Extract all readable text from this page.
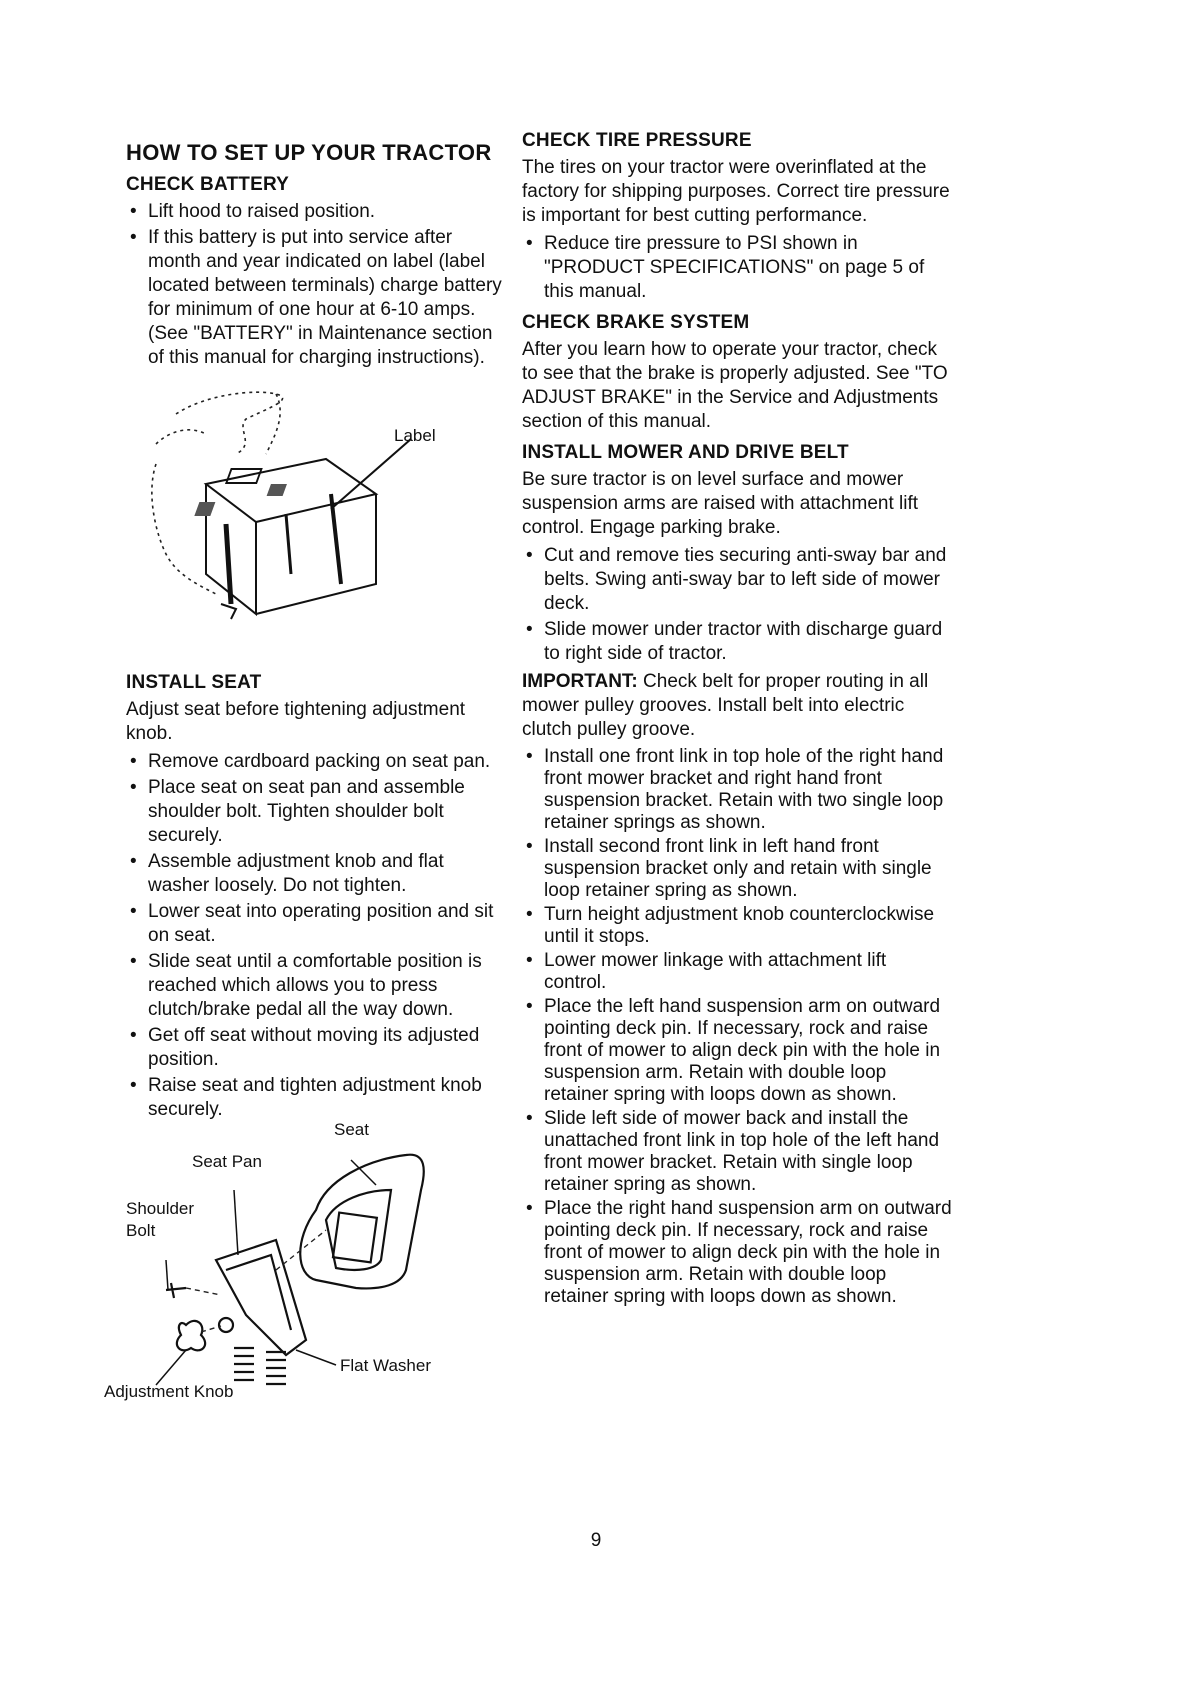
HOW TO SET UP YOUR TRACTOR
CHECK BATTERY
• Lift hood to raised position.
• If this battery is put into service after month and year indicated on label (label located between terminals) charge battery for minimum of one hour at 6-10 amps. (See "BATTERY" in Maintenance section of this manual for charging instructions).
Label
INSTALL SEAT

Adjust seat before tightening adjustment knob.

• Remove cardboard packing on seat pan.
• Place seat on seat pan and assemble shoulder bolt. Tighten shoulder bolt securely.
• Assemble adjustment knob and flat washer loosely. Do not tighten.
• Lower seat into operating position and sit on seat.
• Slide seat until a comfortable position is reached which allows you to press clutch/brake pedal all the way down.
• Get off seat without moving its adjusted position.
• Raise seat and tighten adjustment knob securely.
Seat
Seat Pan
Shoulder Bolt
Flat Washer
Adjustment Knob
CHECK TIRE PRESSURE

The tires on your tractor were overinflated at the factory for shipping purposes. Correct tire pressure is important for best cutting performance.

• Reduce tire pressure to PSI shown in "PRODUCT SPECIFICATIONS" on page 5 of this manual.
CHECK BRAKE SYSTEM

After you learn how to operate your tractor, check to see that the brake is properly adjusted. See "TO ADJUST BRAKE" in the Service and Adjustments section of this manual.

INSTALL MOWER AND DRIVE BELT

Be sure tractor is on level surface and mower suspension arms are raised with attachment lift control. Engage parking brake.

• Cut and remove ties securing anti-sway bar and belts. Swing anti-sway bar to left side of mower deck.
• Slide mower under tractor with discharge guard to right side of tractor.

IMPORTANT: Check belt for proper routing in all mower pulley grooves. Install belt into electric clutch pulley groove.

• Install one front link in top hole of the right hand front mower bracket and right hand front suspension bracket. Retain with two single loop retainer springs as shown.
• Install second front link in left hand front suspension bracket only and retain with single loop retainer spring as shown.
• Turn height adjustment knob counterclockwise until it stops.
• Lower mower linkage with attachment lift control.
• Place the left hand suspension arm on outward pointing deck pin. If necessary, rock and raise front of mower to align deck pin with the hole in suspension arm. Retain with double loop retainer spring with loops down as shown.
• Slide left side of mower back and install the unattached front link in top hole of the left hand front mower bracket. Retain with single loop retainer spring as shown.
• Place the right hand suspension arm on outward pointing deck pin. If necessary, rock and raise front of mower to align deck pin with the hole in suspension arm. Retain with double loop retainer spring with loops down as shown.
9
